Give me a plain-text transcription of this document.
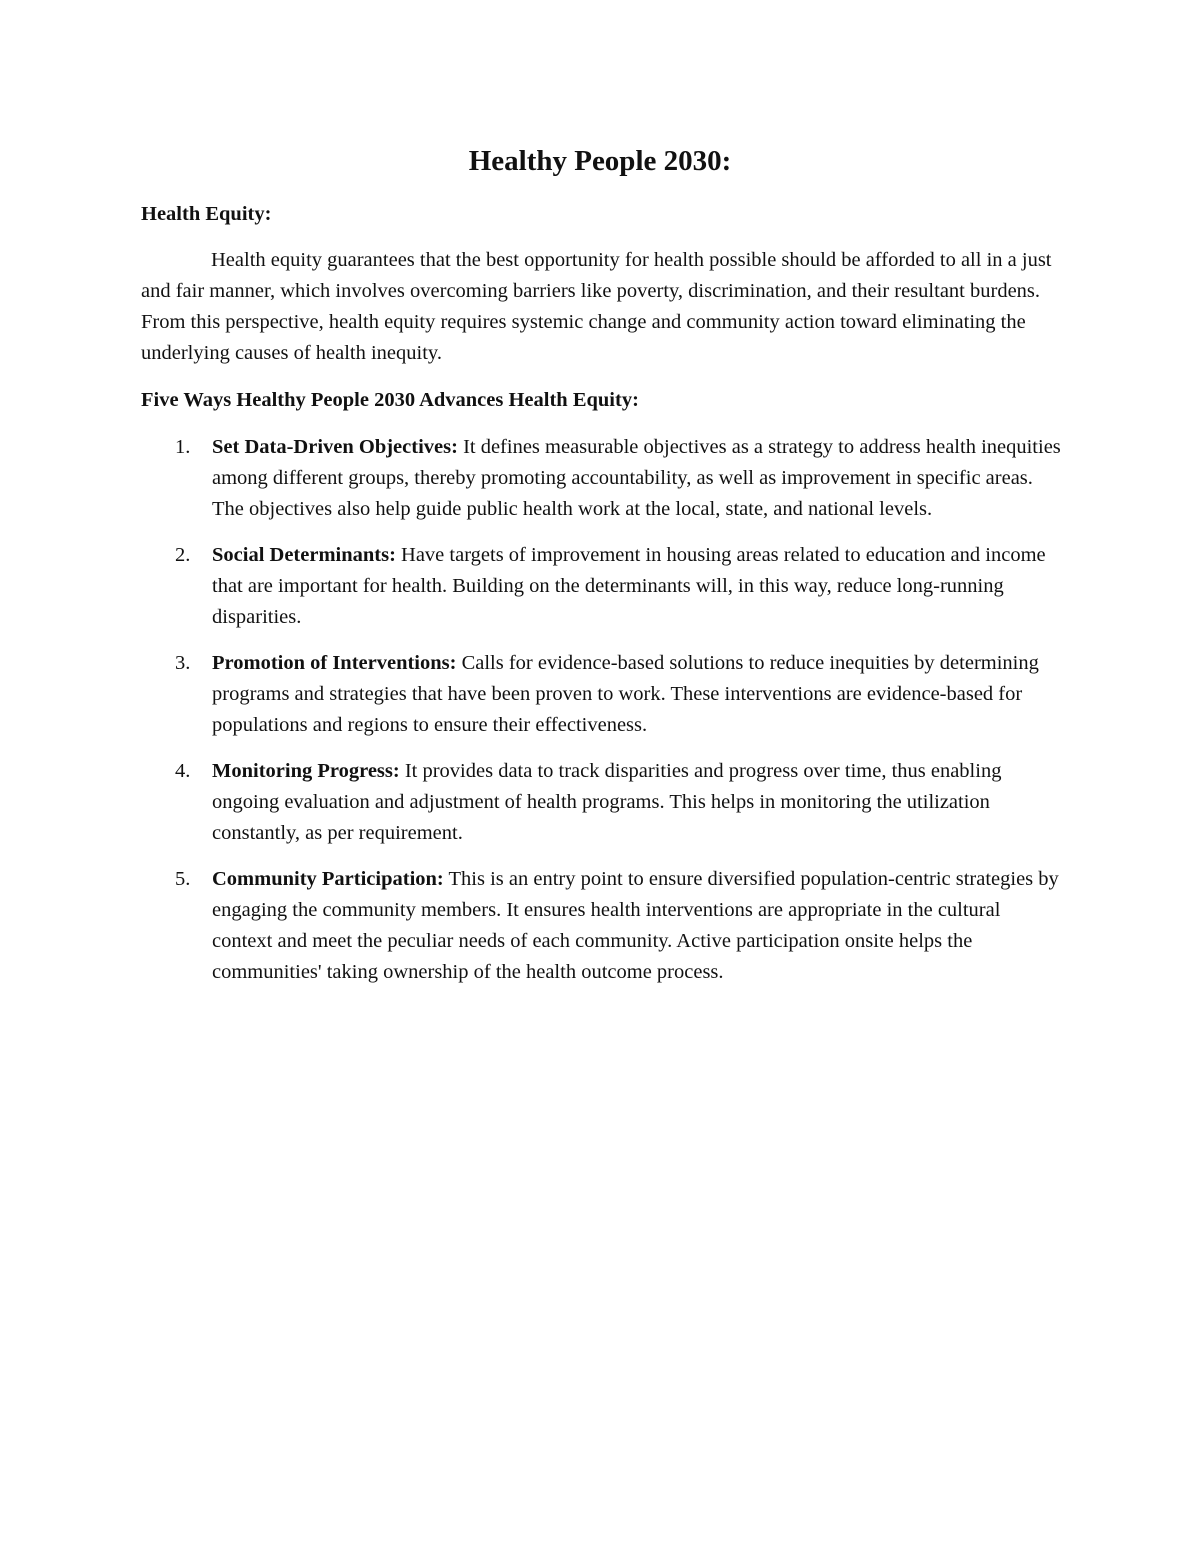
Healthy People 2030:
Health Equity:

Health equity guarantees that the best opportunity for health possible should be afforded to all in a just and fair manner, which involves overcoming barriers like poverty, discrimination, and their resultant burdens. From this perspective, health equity requires systemic change and community action toward eliminating the underlying causes of health inequity.

Five Ways Healthy People 2030 Advances Health Equity:
1. Set Data-Driven Objectives: It defines measurable objectives as a strategy to address health inequities among different groups, thereby promoting accountability, as well as improvement in specific areas. The objectives also help guide public health work at the local, state, and national levels.
2. Social Determinants: Have targets of improvement in housing areas related to education and income that are important for health. Building on the determinants will, in this way, reduce long-running disparities.
3. Promotion of Interventions: Calls for evidence-based solutions to reduce inequities by determining programs and strategies that have been proven to work. These interventions are evidence-based for populations and regions to ensure their effectiveness.
4. Monitoring Progress: It provides data to track disparities and progress over time, thus enabling ongoing evaluation and adjustment of health programs. This helps in monitoring the utilization constantly, as per requirement.
5. Community Participation: This is an entry point to ensure diversified population-centric strategies by engaging the community members. It ensures health interventions are appropriate in the cultural context and meet the peculiar needs of each community. Active participation onsite helps the communities' taking ownership of the health outcome process.
